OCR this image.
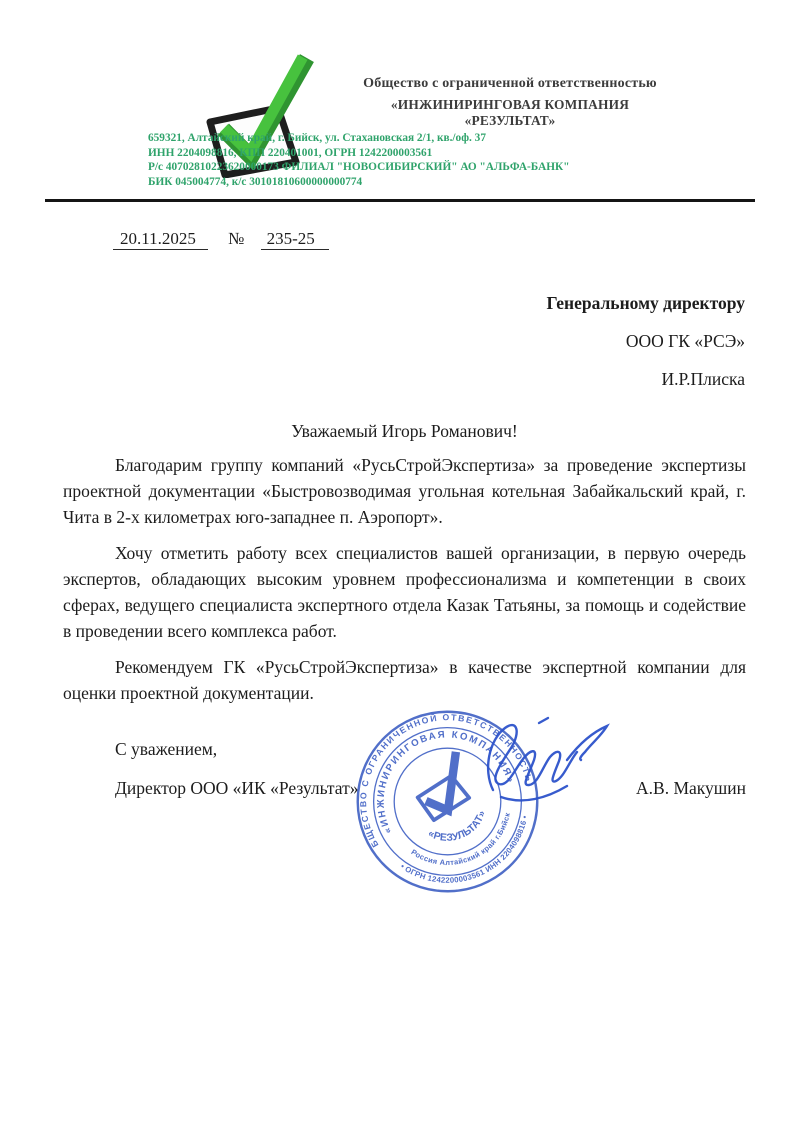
Общество с ограниченной ответственностью
«ИНЖИНИРИНГОВАЯ КОМПАНИЯ «РЕЗУЛЬТАТ»
659321, Алтайский край, г. Бийск, ул. Стахановская 2/1, кв./оф. 37
ИНН 2204098816, КПП 220401001, ОГРН 1242200003561
Р/с 40702810223620000173 ФИЛИАЛ "НОВОСИБИРСКИЙ" АО "АЛЬФА-БАНК"
БИК 045004774, к/с 30101810600000000774
20.11.2025 № 235-25
Генеральному директору
ООО ГК «РСЭ»
И.Р.Плиска

Уважаемый Игорь Романович!

Благодарим группу компаний «РусьСтройЭкспертиза» за проведение экспертизы проектной документации «Быстровозводимая угольная котельная Забайкальский край, г. Чита в 2-х километрах юго-западнее п. Аэропорт».

Хочу отметить работу всех специалистов вашей организации, в первую очередь экспертов, обладающих высоким уровнем профессионализма и компетенции в своих сферах, ведущего специалиста экспертного отдела Казак Татьяны, за помощь и содействие в проведении всего комплекса работ.

Рекомендуем ГК «РусьСтройЭкспертиза» в качестве экспертной компании для оценки проектной документации.

С уважением,
Директор ООО «ИК «Результат»	А.В. Макушин
ОБЩЕСТВО С ОГРАНИЧЕННОЙ ОТВЕТСТВЕННОСТЬЮ
• ОГРН 1242200003561 ИНН 2204098816 •
«ИНЖИНИРИНГОВАЯ КОМПАНИЯ»
Россия Алтайский край г.Бийск
«РЕЗУЛЬТАТ»
